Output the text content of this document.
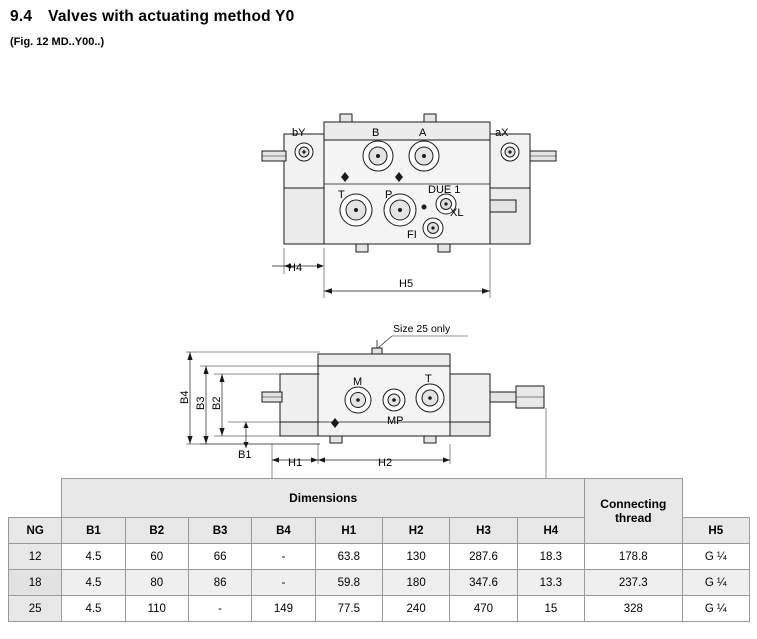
9.4 Valves with actuating method Y0
(Fig. 12 MD..Y00..)
bY	B	A	aX
T	P	DUE 1
XL
FI
H4
H5
Size 25 only
M
MP
T
B4 B3 B2
B1
H1	H2
	Dimensions								Connecting thread	
NG	B1	B2	B3	B4	H1	H2	H3	H4		H5
12	4.5	60	66	-	63.8	130	287.6	18.3	178.8	G ¼
18	4.5	80	86	-	59.8	180	347.6	13.3	237.3	G ¼
25	4.5	110	-	149	77.5	240	470	15	328	G ¼
